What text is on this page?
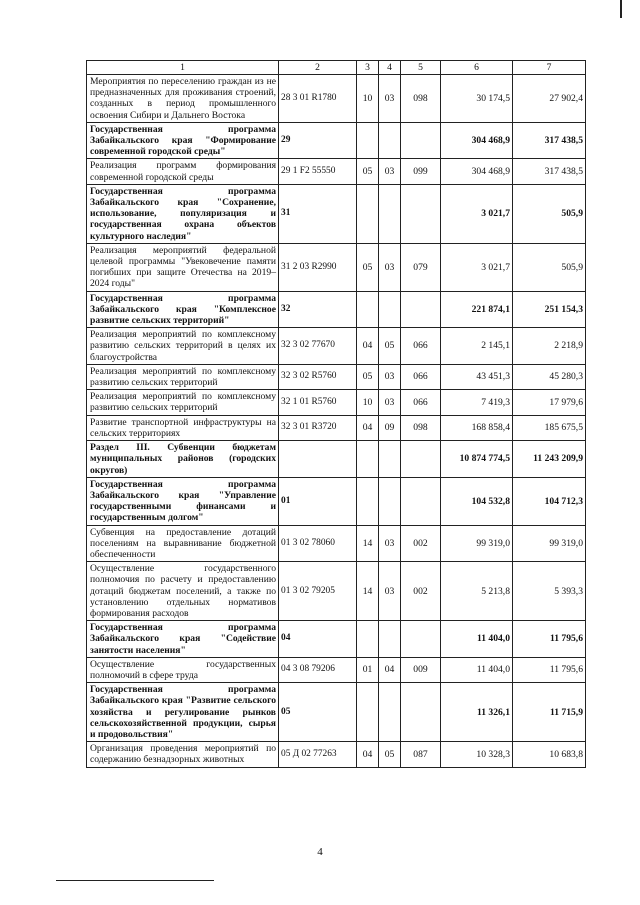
1	2	3	4	5	6	7
Мероприятия по переселению граждан из не предназначенных для проживания строений, созданных в период промышленного освоения Сибири и Дальнего Востока	28 3 01 R1780	10	03	098	30 174,5	27 902,4
Государственная программа Забайкальского края "Формирование современной городской среды"	29				304 468,9	317 438,5
Реализация программ формирования современной городской среды	29 1 F2 55550	05	03	099	304 468,9	317 438,5
Государственная программа Забайкальского края "Сохранение, использование, популяризация и государственная охрана объектов культурного наследия"	31				3 021,7	505,9
Реализация мероприятий федеральной целевой программы "Увековечение памяти погибших при защите Отечества на 2019–2024 годы"	31 2 03 R2990	05	03	079	3 021,7	505,9
Государственная программа Забайкальского края "Комплексное развитие сельских территорий"	32				221 874,1	251 154,3
Реализация мероприятий по комплексному развитию сельских территорий в целях их благоустройства	32 3 02 77670	04	05	066	2 145,1	2 218,9
Реализация мероприятий по комплексному развитию сельских территорий	32 3 02 R5760	05	03	066	43 451,3	45 280,3
Реализация мероприятий по комплексному развитию сельских территорий	32 1 01 R5760	10	03	066	7 419,3	17 979,6
Развитие транспортной инфраструктуры на сельских территориях	32 3 01 R3720	04	09	098	168 858,4	185 675,5
Раздел III. Субвенции бюджетам муниципальных районов (городских округов)					10 874 774,5	11 243 209,9
Государственная программа Забайкальского края "Управление государственными финансами и государственным долгом"	01				104 532,8	104 712,3
Субвенция на предоставление дотаций поселениям на выравнивание бюджетной обеспеченности	01 3 02 78060	14	03	002	99 319,0	99 319,0
Осуществление государственного полномочия по расчету и предоставлению дотаций бюджетам поселений, а также по установлению отдельных нормативов формирования расходов	01 3 02 79205	14	03	002	5 213,8	5 393,3
Государственная программа Забайкальского края "Содействие занятости населения"	04				11 404,0	11 795,6
Осуществление государственных полномочий в сфере труда	04 3 08 79206	01	04	009	11 404,0	11 795,6
Государственная программа Забайкальского края "Развитие сельского хозяйства и регулирование рынков сельскохозяйственной продукции, сырья и продовольствия"	05				11 326,1	11 715,9
Организация проведения мероприятий по содержанию безнадзорных животных	05 Д 02 77263	04	05	087	10 328,3	10 683,8
4
